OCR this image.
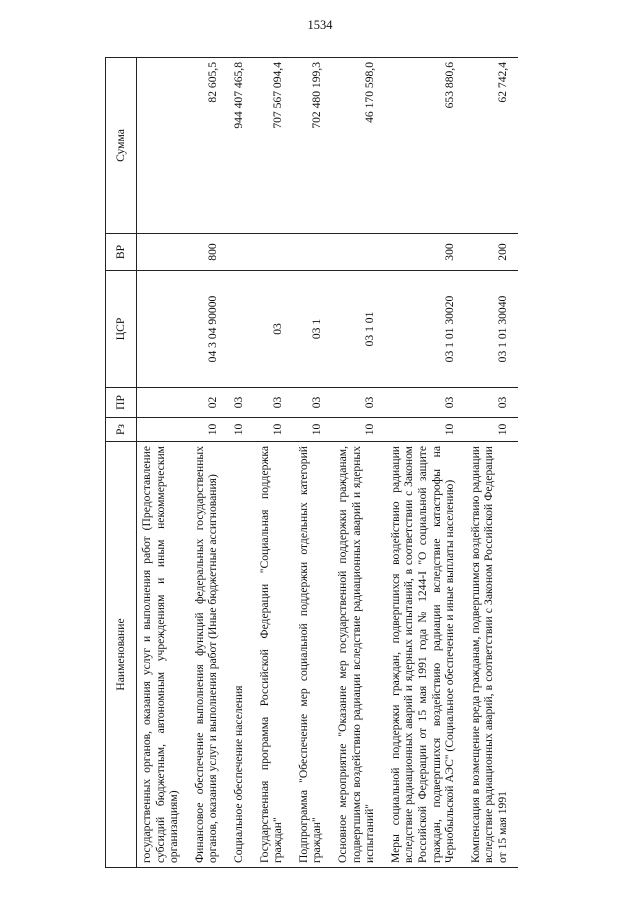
1534
Наименование	Рз	ПР	ЦСР	ВР	Сумма
государственных органов, оказания услуг и выполнения работ (Предоставление субсидий бюджетным, автономным учреждениям и иным некоммерческим организациям)					
Финансовое обеспечение выполнения функций федеральных государственных органов, оказания услуг и выполнения работ (Иные бюджетные ассигнования)	10	02	04 3 04 90000	800	82 605,5
Социальное обеспечение населения	10	03			944 407 465,8
Государственная программа Российской Федерации "Социальная поддержка граждан"	10	03	03		707 567 094,4
Подпрограмма "Обеспечение мер социальной поддержки отдельных категорий граждан"	10	03	03 1		702 480 199,3
Основное мероприятие "Оказание мер государственной поддержки гражданам, подвергшимся воздействию радиации вследствие радиационных аварий и ядерных испытаний"	10	03	03 1 01		46 170 598,0
Меры социальной поддержки граждан, подвергшихся воздействию радиации вследствие радиационных аварий и ядерных испытаний, в соответствии с Законом Российской Федерации от 15 мая 1991 года № 1244-I "О социальной защите граждан, подвергшихся воздействию радиации вследствие катастрофы на Чернобыльской АЭС" (Социальное обеспечение и иные выплаты населению)	10	03	03 1 01 30020	300	653 880,6
Компенсация в возмещение вреда гражданам, подвергшимся воздействию радиации вследствие радиационных аварий, в соответствии с Законом Российской Федерации от 15 мая 1991	10	03	03 1 01 30040	200	62 742,4
